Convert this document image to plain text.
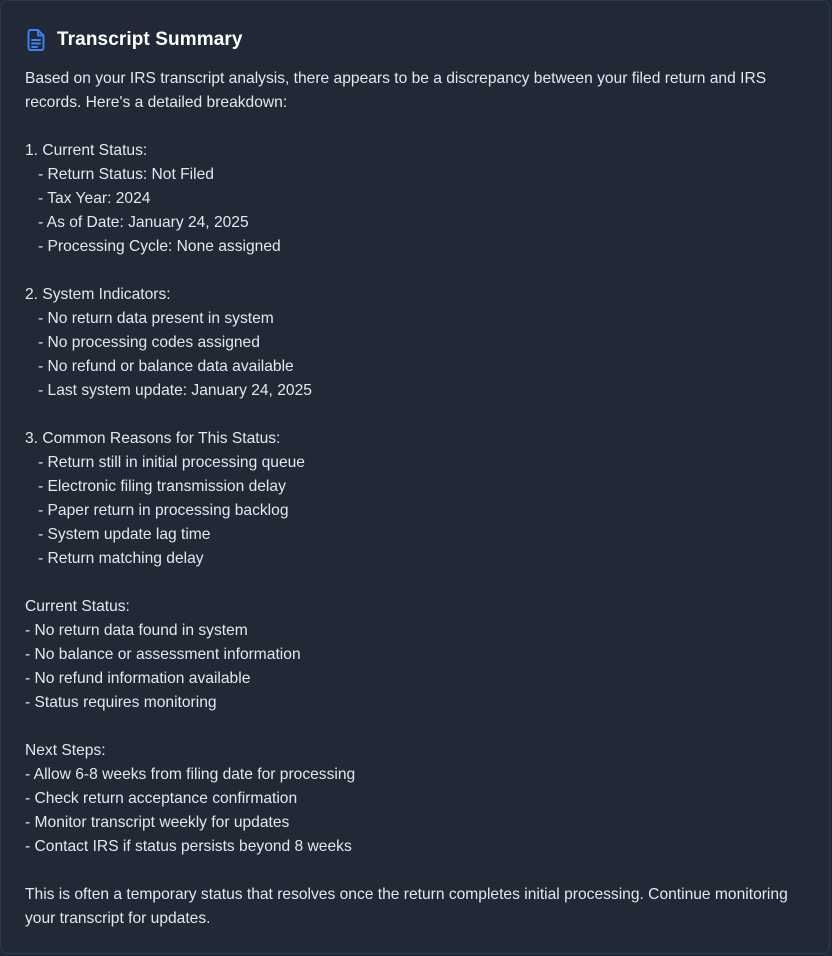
Transcript Summary

Based on your IRS transcript analysis, there appears to be a discrepancy between your filed return and IRS records. Here's a detailed breakdown:

1. Current Status:
- Return Status: Not Filed
- Tax Year: 2024
- As of Date: January 24, 2025
- Processing Cycle: None assigned
2. System Indicators:
- No return data present in system
- No processing codes assigned
- No refund or balance data available
- Last system update: January 24, 2025
3. Common Reasons for This Status:
- Return still in initial processing queue
- Electronic filing transmission delay
- Paper return in processing backlog
- System update lag time
- Return matching delay
Current Status:
- No return data found in system
- No balance or assessment information
- No refund information available
- Status requires monitoring
Next Steps:
- Allow 6-8 weeks from filing date for processing
- Check return acceptance confirmation
- Monitor transcript weekly for updates
- Contact IRS if status persists beyond 8 weeks

This is often a temporary status that resolves once the return completes initial processing. Continue monitoring your transcript for updates.
